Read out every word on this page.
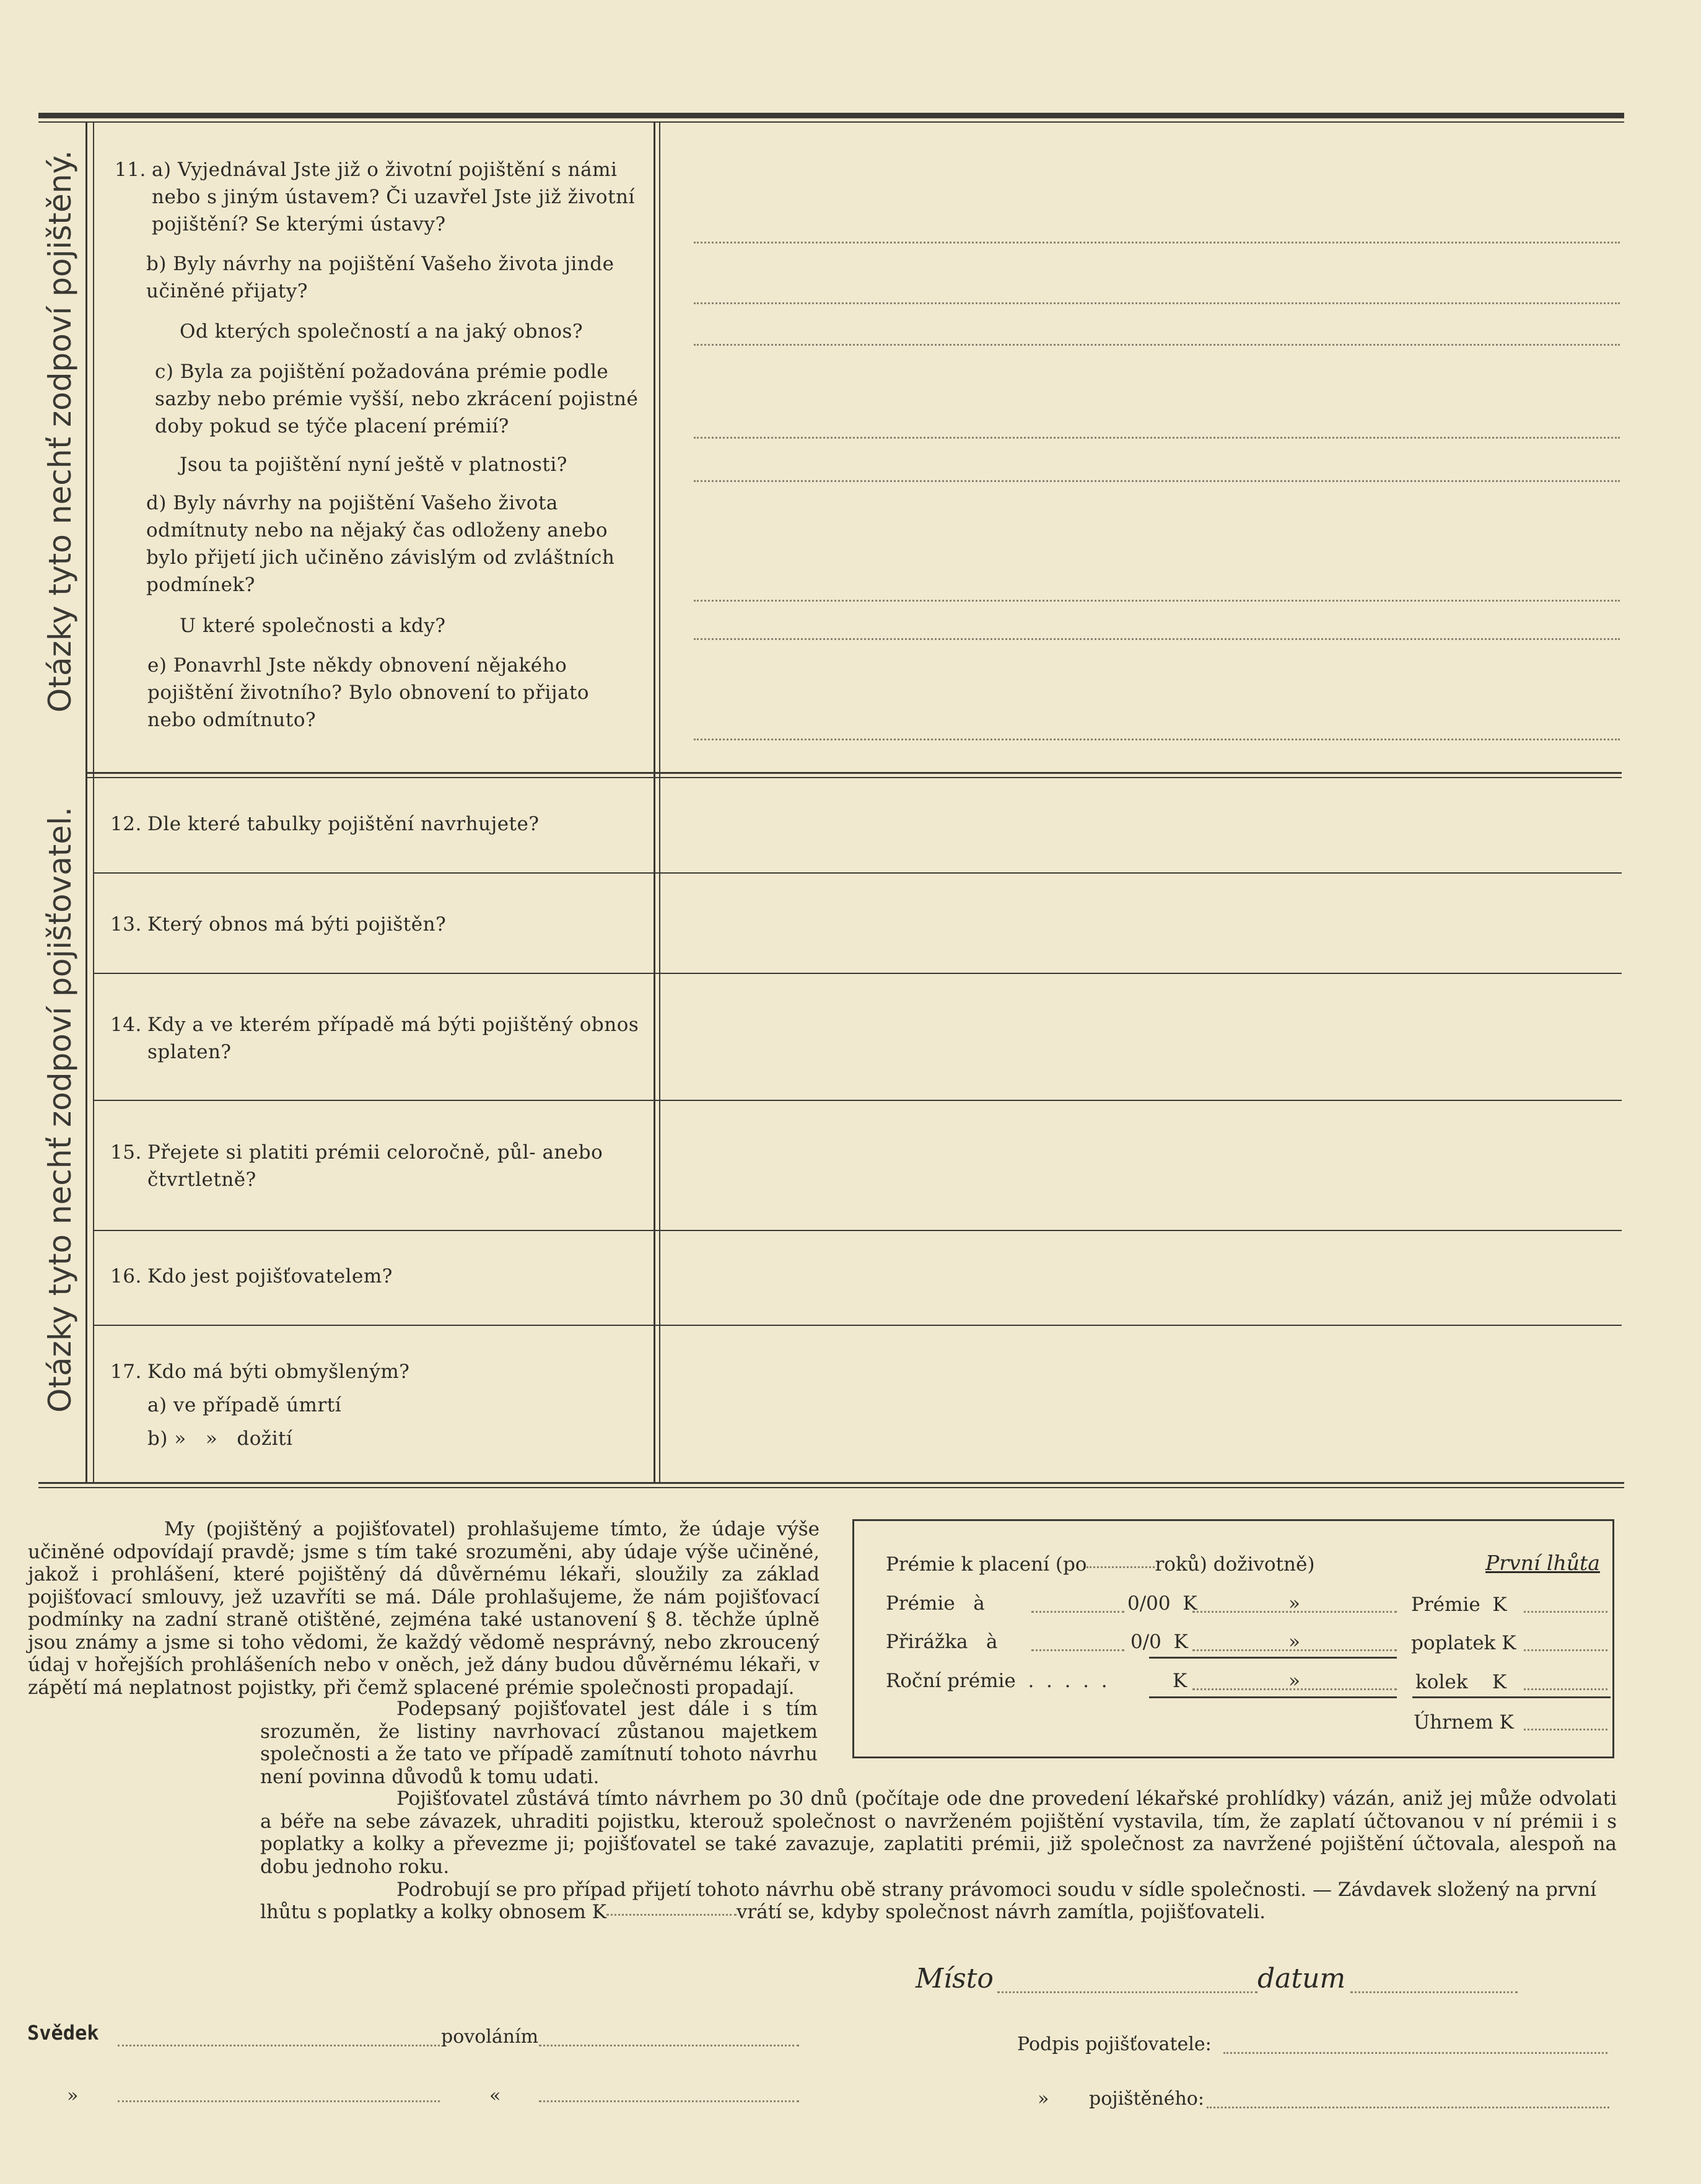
Otázky tyto nechť zodpoví pojištěný.
Otázky tyto nechť zodpoví pojišťovatel.
11. a) Vyjednával Jste již o životní pojištění s námi nebo s jiným ústavem? Či uzavřel Jste již životní pojištění? Se kterými ústavy?
b) Byly návrhy na pojištění Vašeho života jinde učiněné přijaty?
Od kterých společností a na jaký obnos?
c) Byla za pojištění požadována prémie podle sazby nebo prémie vyšší, nebo zkrácení pojistné doby pokud se týče placení prémií?
Jsou ta pojištění nyní ještě v platnosti?
d) Byly návrhy na pojištění Vašeho života odmítnuty nebo na nějaký čas odloženy anebo bylo přijetí jich učiněno závislým od zvláštních podmínek?
U které společnosti a kdy?
e) Ponavrhl Jste někdy obnovení nějakého pojištění životního? Bylo obnovení to přijato nebo odmítnuto?
12. Dle které tabulky pojištění navrhujete?
13. Který obnos má býti pojištěn?
14. Kdy a ve kterém případě má býti pojištěný obnos splaten?
15. Přejete si platiti prémii celoročně, půl- anebo čtvrtletně?
16. Kdo jest pojišťovatelem?
17. Kdo má býti obmyšleným?
a) ve případě úmrtí
b) »   »   dožití
My (pojištěný a pojišťovatel) prohlašujeme tímto, že údaje výše učiněné odpovídají pravdě; jsme s tím také srozuměni, aby údaje výše učiněné, jakož i prohlášení, které pojištěný dá důvěrnému lékaři, sloužily za základ pojišťovací smlouvy, jež uzavříti se má. Dále prohlašujeme, že nám pojišťovací podmínky na zadní straně otištěné, zejména také ustanovení § 8. těchže úplně jsou známy a jsme si toho vědomi, že každý vědomě nesprávný, nebo zkroucený údaj v hořejších prohlášeních nebo v oněch, jež dány budou důvěrnému lékaři, v zápětí má neplatnost pojistky, při čemž splacené prémie společnosti propadají.
Podepsaný pojišťovatel jest dále i s tím srozuměn, že listiny navrhovací zůstanou majetkem společnosti a že tato ve případě zamítnutí tohoto návrhu není povinna důvodů k tomu udati.
Pojišťovatel zůstává tímto návrhem po 30 dnů (počítaje ode dne provedení lékařské prohlídky) vázán, aniž jej může odvolati a béře na sebe závazek, uhraditi pojistku, kterouž společnost o navrženém pojištění vystavila, tím, že zaplatí účtovanou v ní prémii i s poplatky a kolky a převezme ji; pojišťovatel se také zavazuje, zaplatiti prémii, již společnost za navržené pojištění účtovala, alespoň na dobu jednoho roku.
Podrobují se pro případ přijetí tohoto návrhu obě strany právomoci soudu v sídle společnosti. — Závdavek složený na první
lhůtu s poplatky a kolky obnosem K	vrátí se, kdyby společnost návrh zamítla, pojišťovateli.
Prémie k placení (po	roků) doživotně)	První lhůta
Prémie   à	0/00  K	»	Prémie  K
Přirážka   à	0/0  K	»	poplatek K
Roční prémie  .  .  .  .  .	K	»	kolek    K
Úhrnem K
Místo	datum
Svědek	povoláním
»	«
Podpis pojišťovatele:
» pojištěného:
